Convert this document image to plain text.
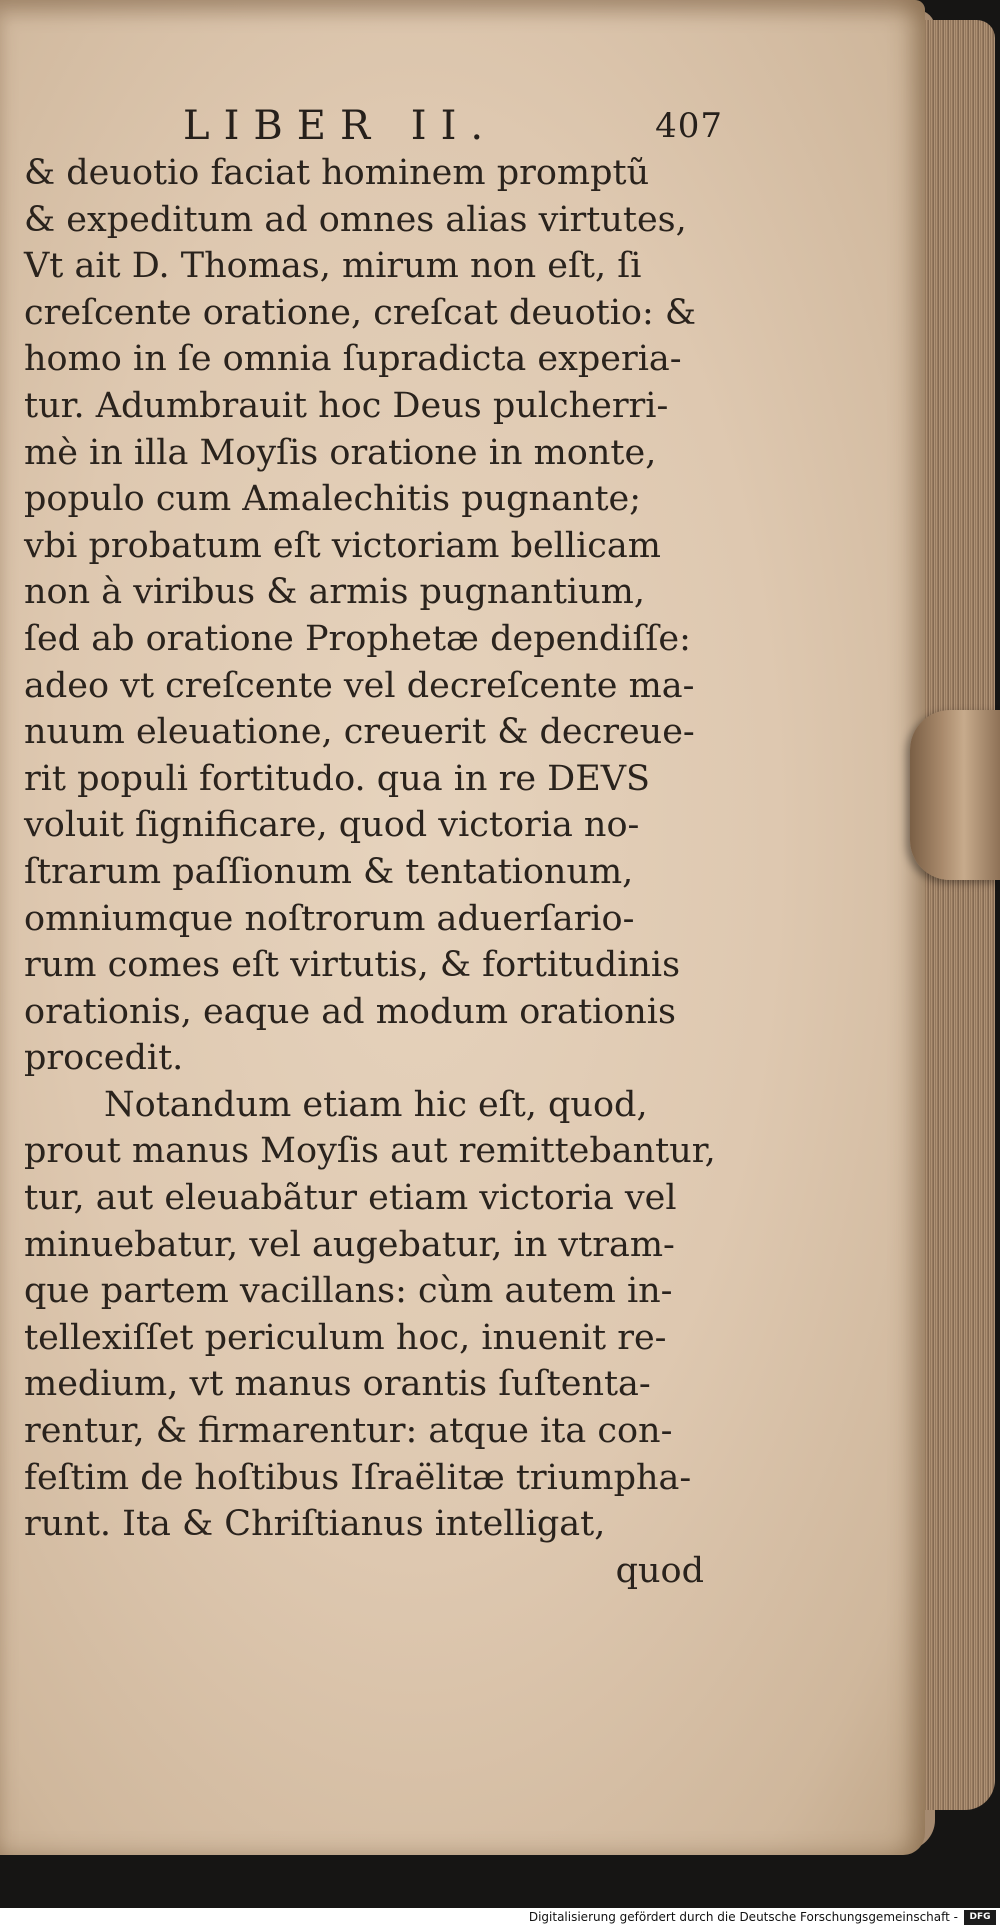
LIBER II.	407
& deuotio faciat hominem promptũ
& expeditum ad omnes alias virtutes,
Vt ait D. Thomas, mirum non eſt, ſi
creſcente oratione, creſcat deuotio: &
homo in ſe omnia ſupradicta experia-
tur. Adumbrauit hoc Deus pulcherri-
mè in illa Moyſis oratione in monte,
populo cum Amalechitis pugnante;
vbi probatum eſt victoriam bellicam
non à viribus & armis pugnantium,
ſed ab oratione Prophetæ dependiſſe:
adeo vt creſcente vel decreſcente ma-
nuum eleuatione, creuerit & decreue-
rit populi fortitudo. qua in re DEVS
voluit ſignificare, quod victoria no-
ſtrarum paſſionum & tentationum,
omniumque noſtrorum aduerſario-
rum comes eſt virtutis, & fortitudinis
orationis, eaque ad modum orationis
procedit.
Notandum etiam hic eſt, quod,
prout manus Moyſis aut remittebantur,
tur, aut eleuabãtur etiam victoria vel
minuebatur, vel augebatur, in vtram-
que partem vacillans: cùm autem in-
tellexiſſet periculum hoc, inuenit re-
medium, vt manus orantis ſuſtenta-
rentur, & firmarentur: atque ita con-
feſtim de hoſtibus Iſraëlitæ triumpha-
runt. Ita & Chriſtianus intelligat,
quod
Digitalisierung gefördert durch die Deutsche Forschungsgemeinschaft -	DFG
